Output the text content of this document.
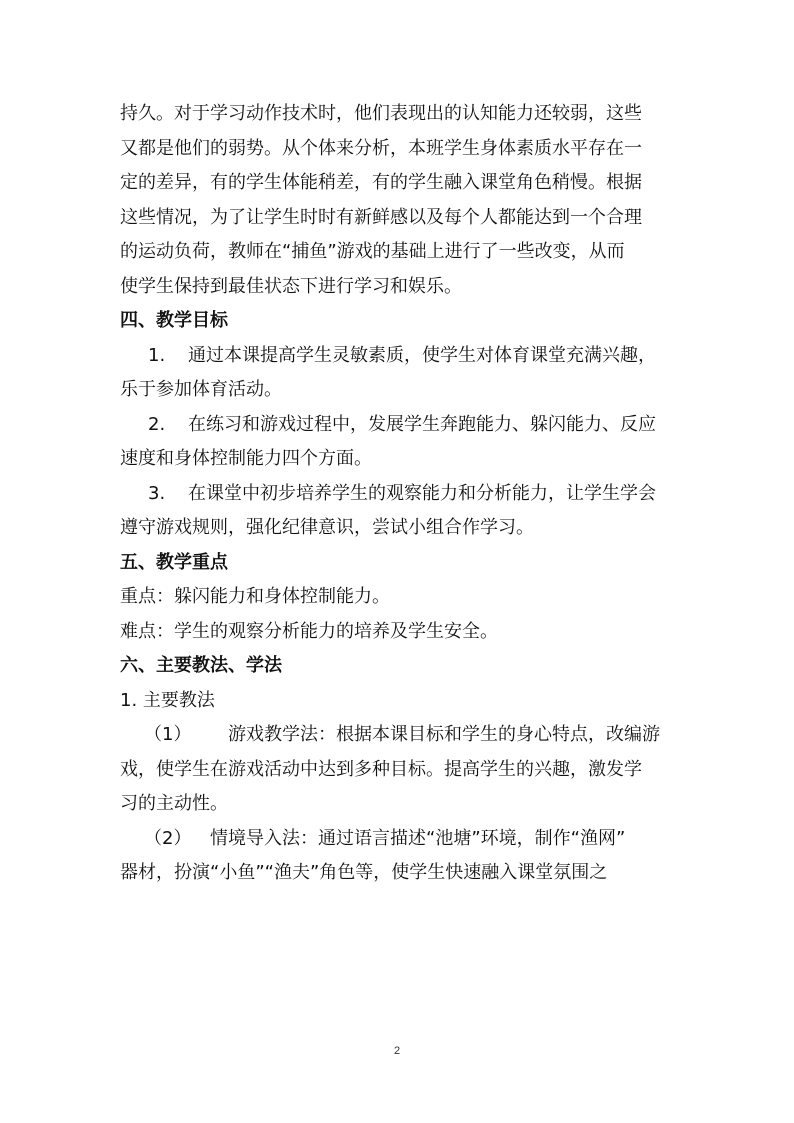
持久。对于学习动作技术时，他们表现出的认知能力还较弱，这些
又都是他们的弱势。从个体来分析，本班学生身体素质水平存在一
定的差异，有的学生体能稍差，有的学生融入课堂角色稍慢。根据
这些情况，为了让学生时时有新鲜感以及每个人都能达到一个合理
的运动负荷，教师在“捕鱼”游戏的基础上进行了一些改变，从而
使学生保持到最佳状态下进行学习和娱乐。
四、教学目标
1. 通过本课提高学生灵敏素质，使学生对体育课堂充满兴趣，
乐于参加体育活动。
2. 在练习和游戏过程中，发展学生奔跑能力、躲闪能力、反应
速度和身体控制能力四个方面。
3. 在课堂中初步培养学生的观察能力和分析能力，让学生学会
遵守游戏规则，强化纪律意识，尝试小组合作学习。
五、教学重点
重点：躲闪能力和身体控制能力。
难点：学生的观察分析能力的培养及学生安全。
六、主要教法、学法
1. 主要教法
（1） 游戏教学法：根据本课目标和学生的身心特点，改编游
戏，使学生在游戏活动中达到多种目标。提高学生的兴趣，激发学
习的主动性。
（2） 情境导入法：通过语言描述“池塘”环境，制作“渔网”
器材，扮演“小鱼”“渔夫”角色等，使学生快速融入课堂氛围之
2
